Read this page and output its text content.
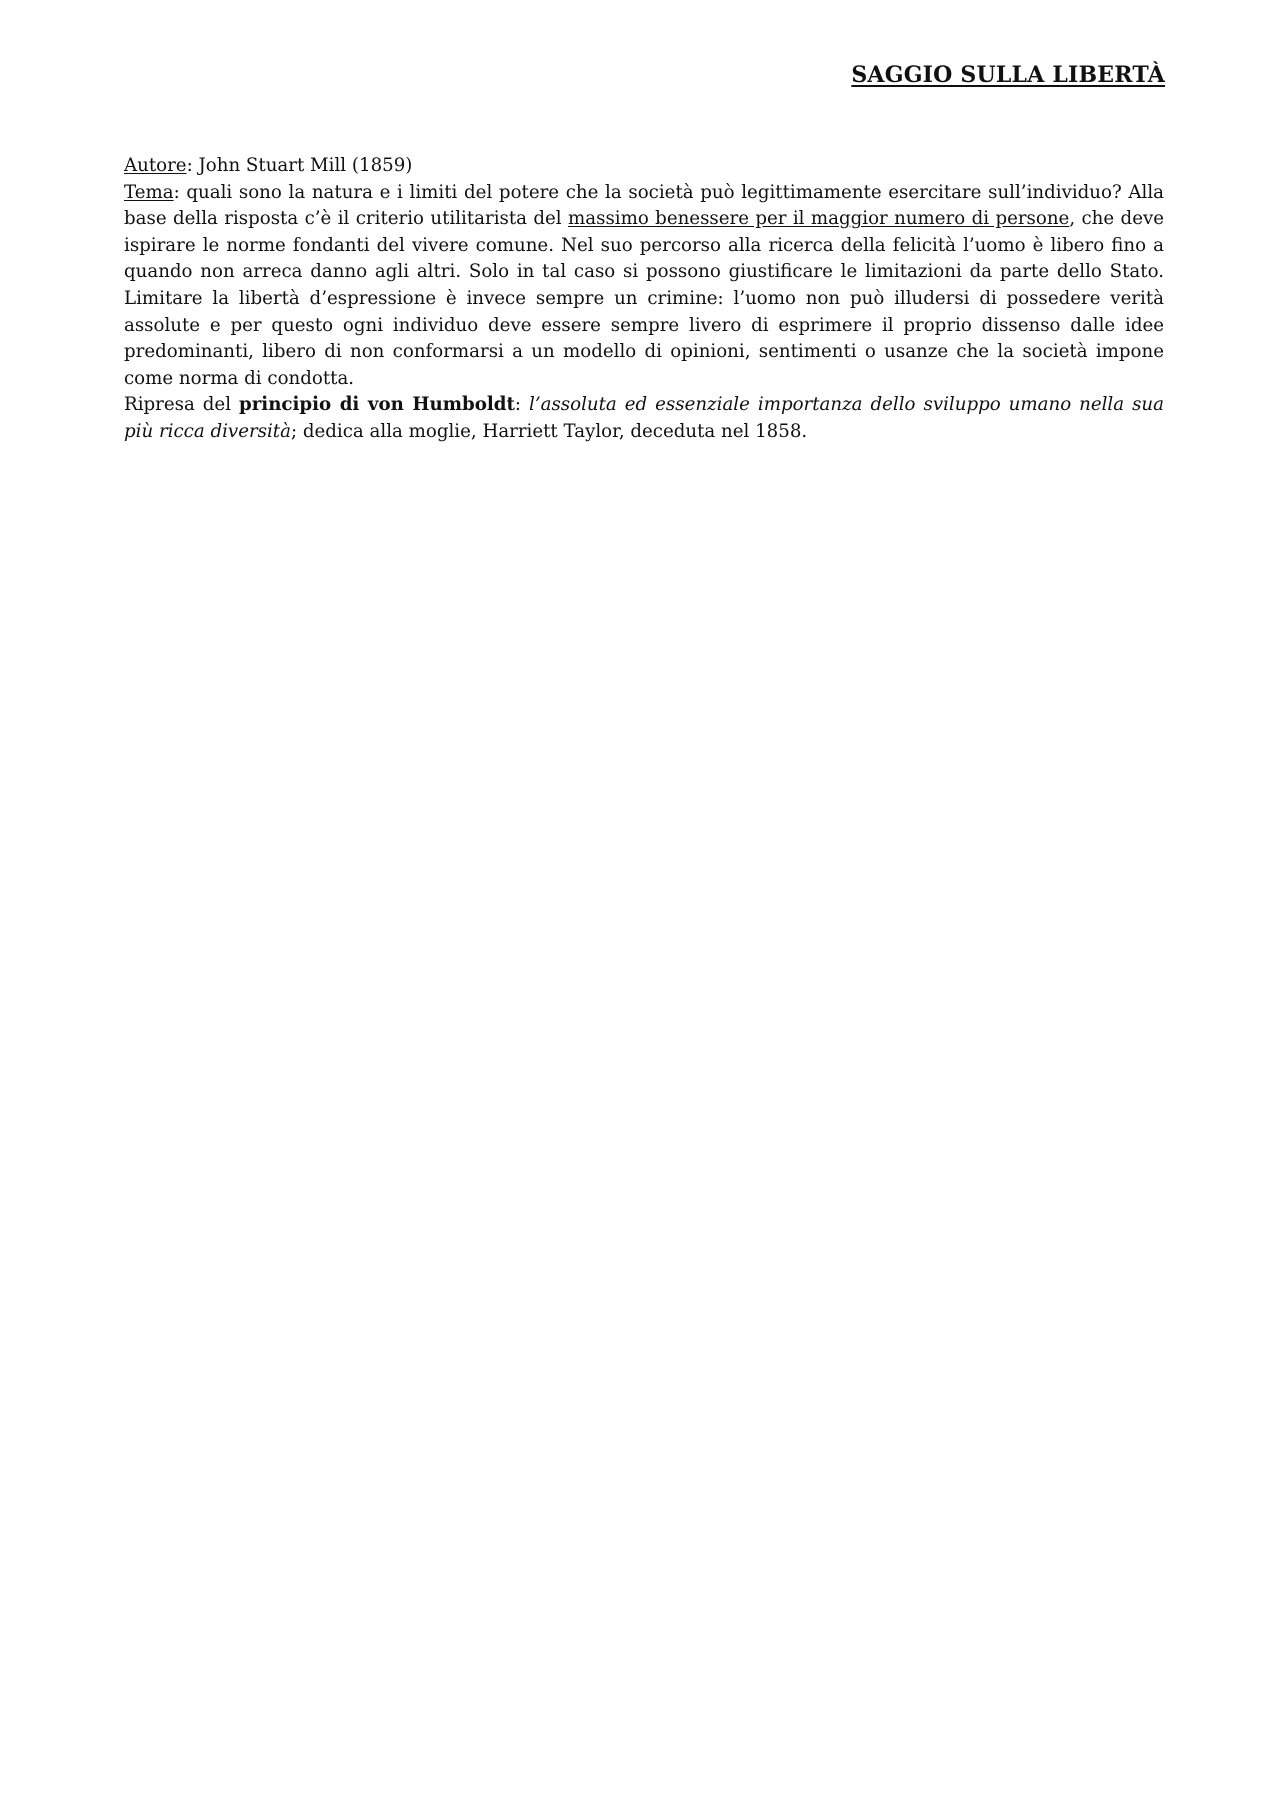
SAGGIO SULLA LIBERTÀ

Autore: John Stuart Mill (1859)

Tema: quali sono la natura e i limiti del potere che la società può legittimamente esercitare sull’individuo? Alla base della risposta c’è il criterio utilitarista del massimo benessere per il maggior numero di persone, che deve ispirare le norme fondanti del vivere comune. Nel suo percorso alla ricerca della felicità l’uomo è libero fino a quando non arreca danno agli altri. Solo in tal caso si possono giustificare le limitazioni da parte dello Stato. Limitare la libertà d’espressione è invece sempre un crimine: l’uomo non può illudersi di possedere verità assolute e per questo ogni individuo deve essere sempre livero di esprimere il proprio dissenso dalle idee predominanti, libero di non conformarsi a un modello di opinioni, sentimenti o usanze che la società impone come norma di condotta.

Ripresa del principio di von Humboldt: l’assoluta ed essenziale importanza dello sviluppo umano nella sua più ricca diversità; dedica alla moglie, Harriett Taylor, deceduta nel 1858.
